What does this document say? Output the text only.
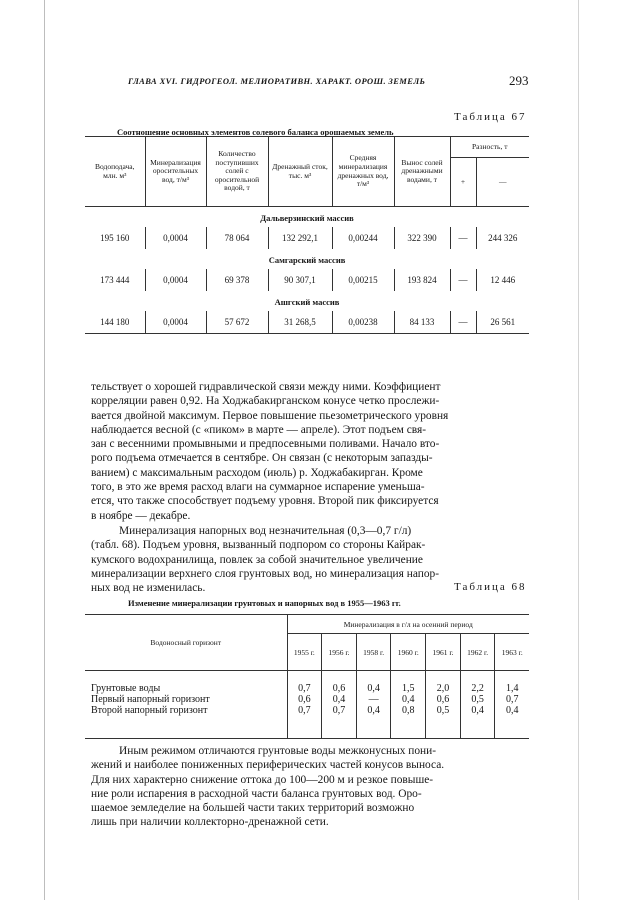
ГЛАВА XVI. ГИДРОГЕОЛ. МЕЛИОРАТИВН. ХАРАКТ. ОРОШ. ЗЕМЕЛЬ	293
Таблица 67
Соотношение основных элементов солевого баланса орошаемых земель
Водоподача, млн. м³	Минерализация оросительных вод, т/м³	Количество поступивших солей с оросительной водой, т	Дренажный сток, тыс. м³	Средняя минерализация дренажных вод, т/м³	Вынос солей дренажными водами, т	Разность, т	
						+	—
Дальверзинский массив							
195 160	0,0004	78 064	132 292,1	0,00244	322 390	—	244 326
Самгарский массив							
173 444	0,0004	69 378	90 307,1	0,00215	193 824	—	12 446
Ашгский массив							
144 180	0,0004	57 672	31 268,5	0,00238	84 133	—	26 561

тельствует о хорошей гидравлической связи между ними. Коэффициент

корреляции равен 0,92. На Ходжабакирганском конусе четко прослежи-

вается двойной максимум. Первое повышение пьезометрического уровня

наблюдается весной (с «пиком» в марте — апреле). Этот подъем свя-

зан с весенними промывными и предпосевными поливами. Начало вто-

рого подъема отмечается в сентябре. Он связан (с некоторым запазды-

ванием) с максимальным расходом (июль) р. Ходжабакирган. Кроме

того, в это же время расход влаги на суммарное испарение уменьша-

ется, что также способствует подъему уровня. Второй пик фиксируется

в ноябре — декабре.

Минерализация напорных вод незначительная (0,3—0,7 г/л)

(табл. 68). Подъем уровня, вызванный подпором со стороны Кайрак-

кумского водохранилища, повлек за собой значительное увеличение

минерализации верхнего слоя грунтовых вод, но минерализация напор-

ных вод не изменилась.	Таблица 68
Изменение минерализации грунтовых и напорных вод в 1955—1963 гг.
Водоносный горизонт	Минерализация в г/л на осенний период						
	1955 г.	1956 г.	1958 г.	1960 г.	1961 г.	1962 г.	1963 г.
Грунтовые воды	0,7	0,6	0,4	1,5	2,0	2,2	1,4
Первый напорный горизонт	0,6	0,4	—	0,4	0,6	0,5	0,7
Второй напорный горизонт	0,7	0,7	0,4	0,8	0,5	0,4	0,4

Иным режимом отличаются грунтовые воды межконусных пони-

жений и наиболее пониженных периферических частей конусов выноса.

Для них характерно снижение оттока до 100—200 м и резкое повыше-

ние роли испарения в расходной части баланса грунтовых вод. Оро-

шаемое земледелие на большей части таких территорий возможно

лишь при наличии коллекторно-дренажной сети.
